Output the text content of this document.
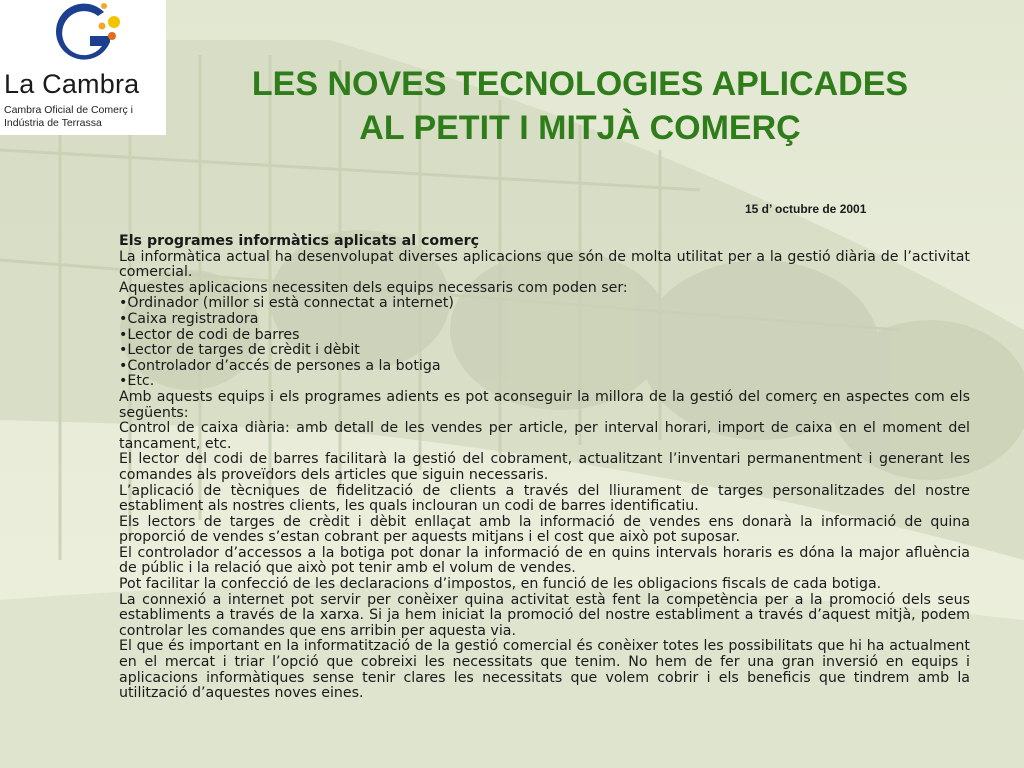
La Cambra
Cambra Oficial de Comerç i
Indústria de Terrassa
LES NOVES TECNOLOGIES APLICADES AL PETIT I MITJÀ COMERÇ
15 d’ octubre de 2001

Els programes informàtics aplicats al comerç

La informàtica actual ha desenvolupat diverses aplicacions que són de molta utilitat per a la gestió diària de l’activitat comercial.

Aquestes aplicacions necessiten dels equips necessaris com poden ser:

• Ordinador (millor si està connectat a internet)
• Caixa registradora
• Lector de codi de barres
• Lector de targes de crèdit i dèbit
• Controlador d’accés de persones a la botiga
• Etc.

Amb aquests equips i els programes adients es pot aconseguir la millora de la gestió del comerç en aspectes com els següents:

Control de caixa diària: amb detall de les vendes per article, per interval horari, import de caixa en el moment del tancament, etc.

El lector del codi de barres facilitarà la gestió del cobrament, actualitzant l’inventari permanentment i generant les comandes als proveïdors dels articles que siguin necessaris.

L’aplicació de tècniques de fidelització de clients a través del lliurament de targes personalitzades del nostre establiment als nostres clients, les quals inclouran un codi de barres identificatiu.

Els lectors de targes de crèdit i dèbit enllaçat amb la informació de vendes ens donarà la informació de quina proporció de vendes s’estan cobrant per aquests mitjans i el cost que això pot suposar.

El controlador d’accessos a la botiga pot donar la informació de en quins intervals horaris es dóna la major afluència de públic i la relació que això pot tenir amb el volum de vendes.

Pot facilitar la confecció de les declaracions d’impostos, en funció de les obligacions fiscals de cada botiga.

La connexió a internet pot servir per conèixer quina activitat està fent la competència per a la promoció dels seus establiments a través de la xarxa. Si ja hem iniciat la promoció del nostre establiment a través d’aquest mitjà, podem controlar les comandes que ens arribin per aquesta via.

El que és important en la informatització de la gestió comercial és conèixer totes les possibilitats que hi ha actualment en el mercat i triar l’opció que cobreixi les necessitats que tenim. No hem de fer una gran inversió en equips i aplicacions informàtiques sense tenir clares les necessitats que volem cobrir i els beneficis que tindrem amb la utilització d’aquestes noves eines.
